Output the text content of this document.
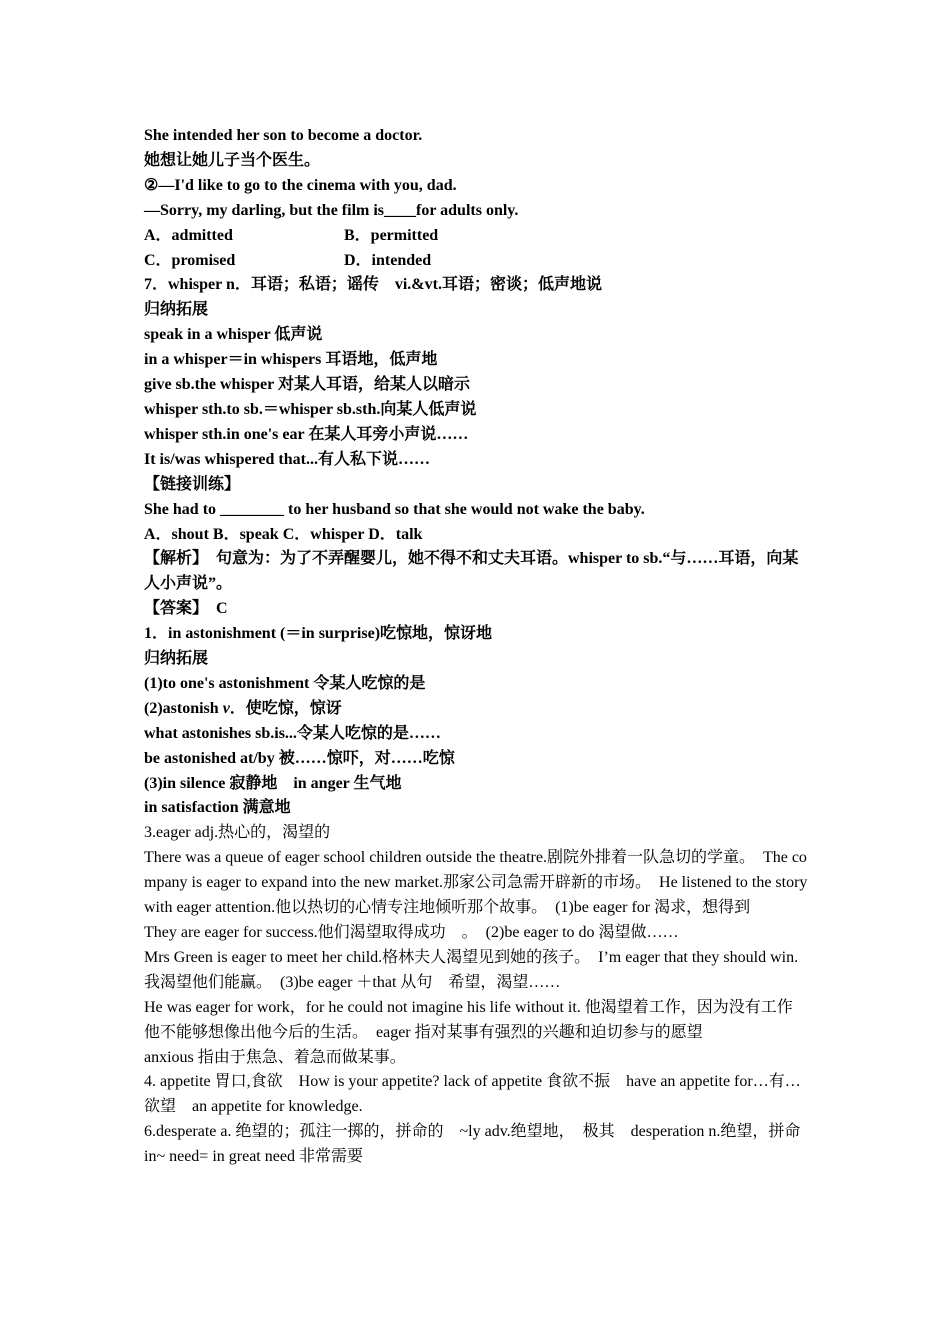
She intended her son to become a doctor.
她想让她儿子当个医生。
②—I'd like to go to the cinema with you, dad.
—Sorry, my darling, but the film is____for adults only.
A．admitted	B．permitted
C．promised	D．intended
7．whisper n．耳语；私语；谣传　vi.&vt.耳语；密谈；低声地说
归纳拓展
speak in a whisper 低声说
in a whisper＝in whispers 耳语地，低声地
give sb.the whisper 对某人耳语，给某人以暗示
whisper sth.to sb.＝whisper sb.sth.向某人低声说
whisper sth.in one's ear 在某人耳旁小声说……
It is/was whispered that...有人私下说……
【链接训练】
She had to ________ to her husband so that she would not wake the baby.
A．shout B．speak C．whisper D．talk
【解析】　句意为：为了不弄醒婴儿，她不得不和丈夫耳语。whisper to sb.“与……耳语，向某人小声说”。
【答案】　C
1．in astonishment (＝in surprise)吃惊地，惊讶地
归纳拓展
(1)to one's astonishment 令某人吃惊的是
(2)astonish v．使吃惊，惊讶
what astonishes sb.is...令某人吃惊的是……
be astonished at/by 被……惊吓，对……吃惊
(3)in silence 寂静地　in anger 生气地
in satisfaction 满意地
3.eager adj.热心的，渴望的
There was a queue of eager school children outside the theatre.剧院外排着一队急切的学童。　The company is eager to expand into the new market.那家公司急需开辟新的市场。　He listened to the story with eager attention.他以热切的心情专注地倾听那个故事。　(1)be eager for 渴求，想得到
They are eager for success.他们渴望取得成功　。　(2)be eager to do 渴望做……
Mrs Green is eager to meet her child.格林夫人渴望见到她的孩子。　I’m eager that they should win.我渴望他们能赢。　(3)be eager ＋that 从句　希望，渴望……
He was eager for work，for he could not imagine his life without it. 他渴望着工作，因为没有工作他不能够想像出他今后的生活。　eager 指对某事有强烈的兴趣和迫切参与的愿望
anxious 指由于焦急、着急而做某事。
4. appetite 胃口,食欲　How is your appetite? lack of appetite 食欲不振　have an appetite for…有…欲望　an appetite for knowledge.
6.desperate a. 绝望的；孤注一掷的，拼命的　~ly adv.绝望地，　极其　desperation n.绝望，拼命
in~ need= in great need 非常需要
